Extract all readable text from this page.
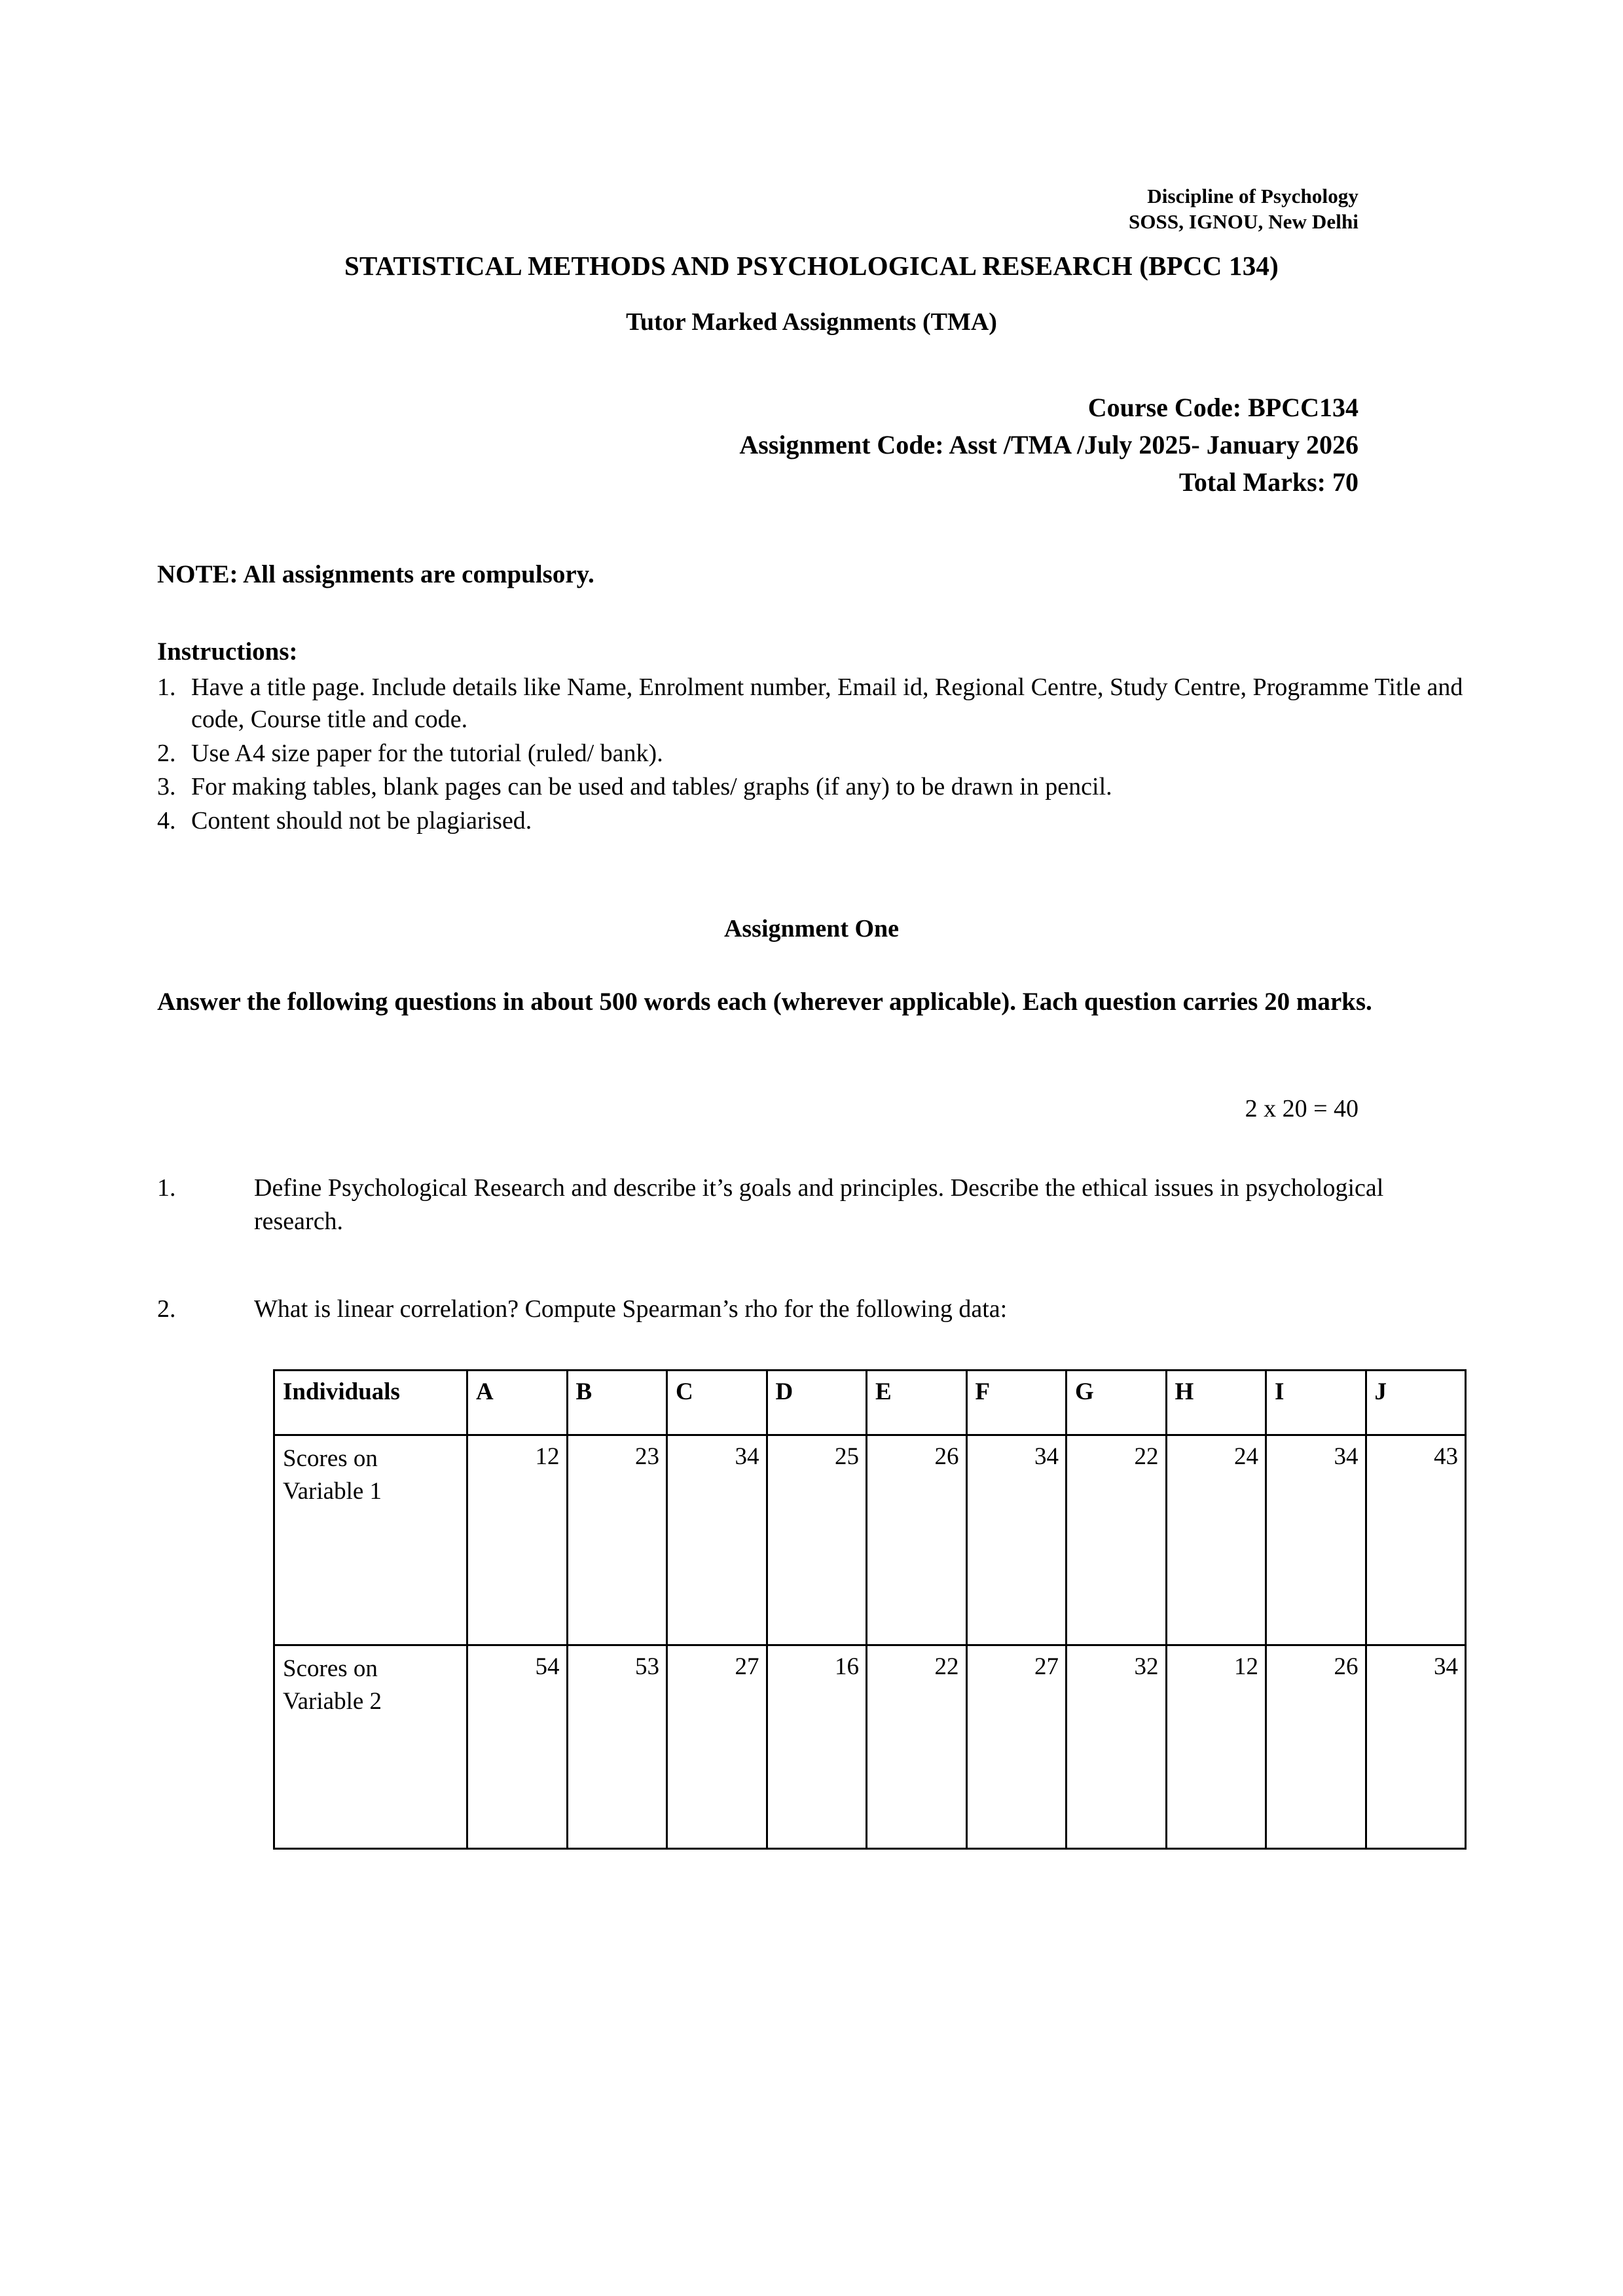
Discipline of Psychology
SOSS, IGNOU, New Delhi
STATISTICAL METHODS AND PSYCHOLOGICAL RESEARCH (BPCC 134)
Tutor Marked Assignments (TMA)
Course Code: BPCC134
Assignment Code: Asst /TMA /July 2025- January 2026
Total Marks: 70
NOTE: All assignments are compulsory.
Instructions:
1. Have a title page. Include details like Name, Enrolment number, Email id, Regional Centre, Study Centre, Programme Title and code, Course title and code.
2. Use A4 size paper for the tutorial (ruled/ bank).
3. For making tables, blank pages can be used and tables/ graphs (if any) to be drawn in pencil.
4. Content should not be plagiarised.
Assignment One
Answer the following questions in about 500 words each (wherever applicable). Each question carries 20 marks.
2 x 20 = 40
1.	Define Psychological Research and describe it’s goals and principles. Describe the ethical issues in psychological research.
2.	What is linear correlation? Compute Spearman’s rho for the following data:
Individuals	A	B	C	D	E	F	G	H	I	J

Scores on
Variable 1	12	23	34	25	26	34	22	24	34	43

Scores on
Variable 2	54	53	27	16	22	27	32	12	26	34
